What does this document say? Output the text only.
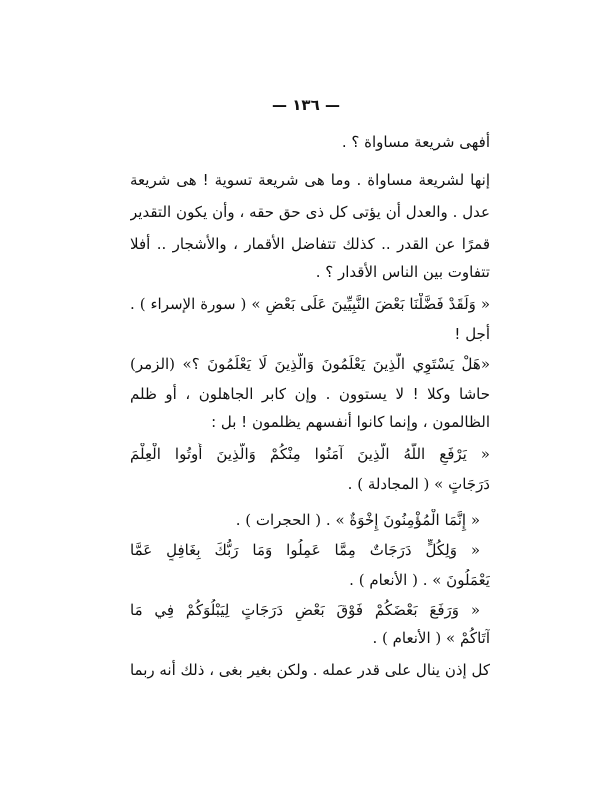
— ١٣٦ —
أفهى شريعة مساواة ؟ .
إنها لشريعة مساواة . وما هى شريعة تسوية ! هى شريعة
عدل . والعدل أن يؤتى كل ذى حق حقه ، وأن يكون التقدير
قمرًا عن القدر .. كذلك تتفاضل الأقمار ، والأشجار .. أفلا
تتفاوت بين الناس الأقدار ؟ .
« وَلَقَدْ فَضَّلْنَا بَعْضَ النَّبِيِّينَ عَلَى بَعْضٍ » ( سورة الإسراء ) .
أجل !
«هَلْ يَسْتَوِي الَّذِينَ يَعْلَمُونَ وَالَّذِينَ لَا يَعْلَمُونَ ؟» (الزمر)
حاشا وكلا ! لا يستوون . وإن كابر الجاهلون ، أو ظلم
الظالمون ، وإنما كانوا أنفسهم يظلمون ! بل :
« يَرْفَعِ اللَّهُ الَّذِينَ آمَنُوا مِنْكُمْ وَالَّذِينَ أُوتُوا الْعِلْمَ
دَرَجَاتٍ » ( المجادلة ) .
« إِنَّمَا الْمُؤْمِنُونَ إِخْوَةٌ » . ( الحجرات ) .
« وَلِكُلٍّ دَرَجَاتٌ مِمَّا عَمِلُوا وَمَا رَبُّكَ بِغَافِلٍ عَمَّا
يَعْمَلُونَ » . ( الأنعام ) .
« وَرَفَعَ بَعْضَكُمْ فَوْقَ بَعْضٍ دَرَجَاتٍ لِيَبْلُوَكُمْ فِي مَا
آتَاكُمْ » ( الأنعام ) .
كل إذن ينال على قدر عمله . ولكن بغير بغى ، ذلك أنه ربما
